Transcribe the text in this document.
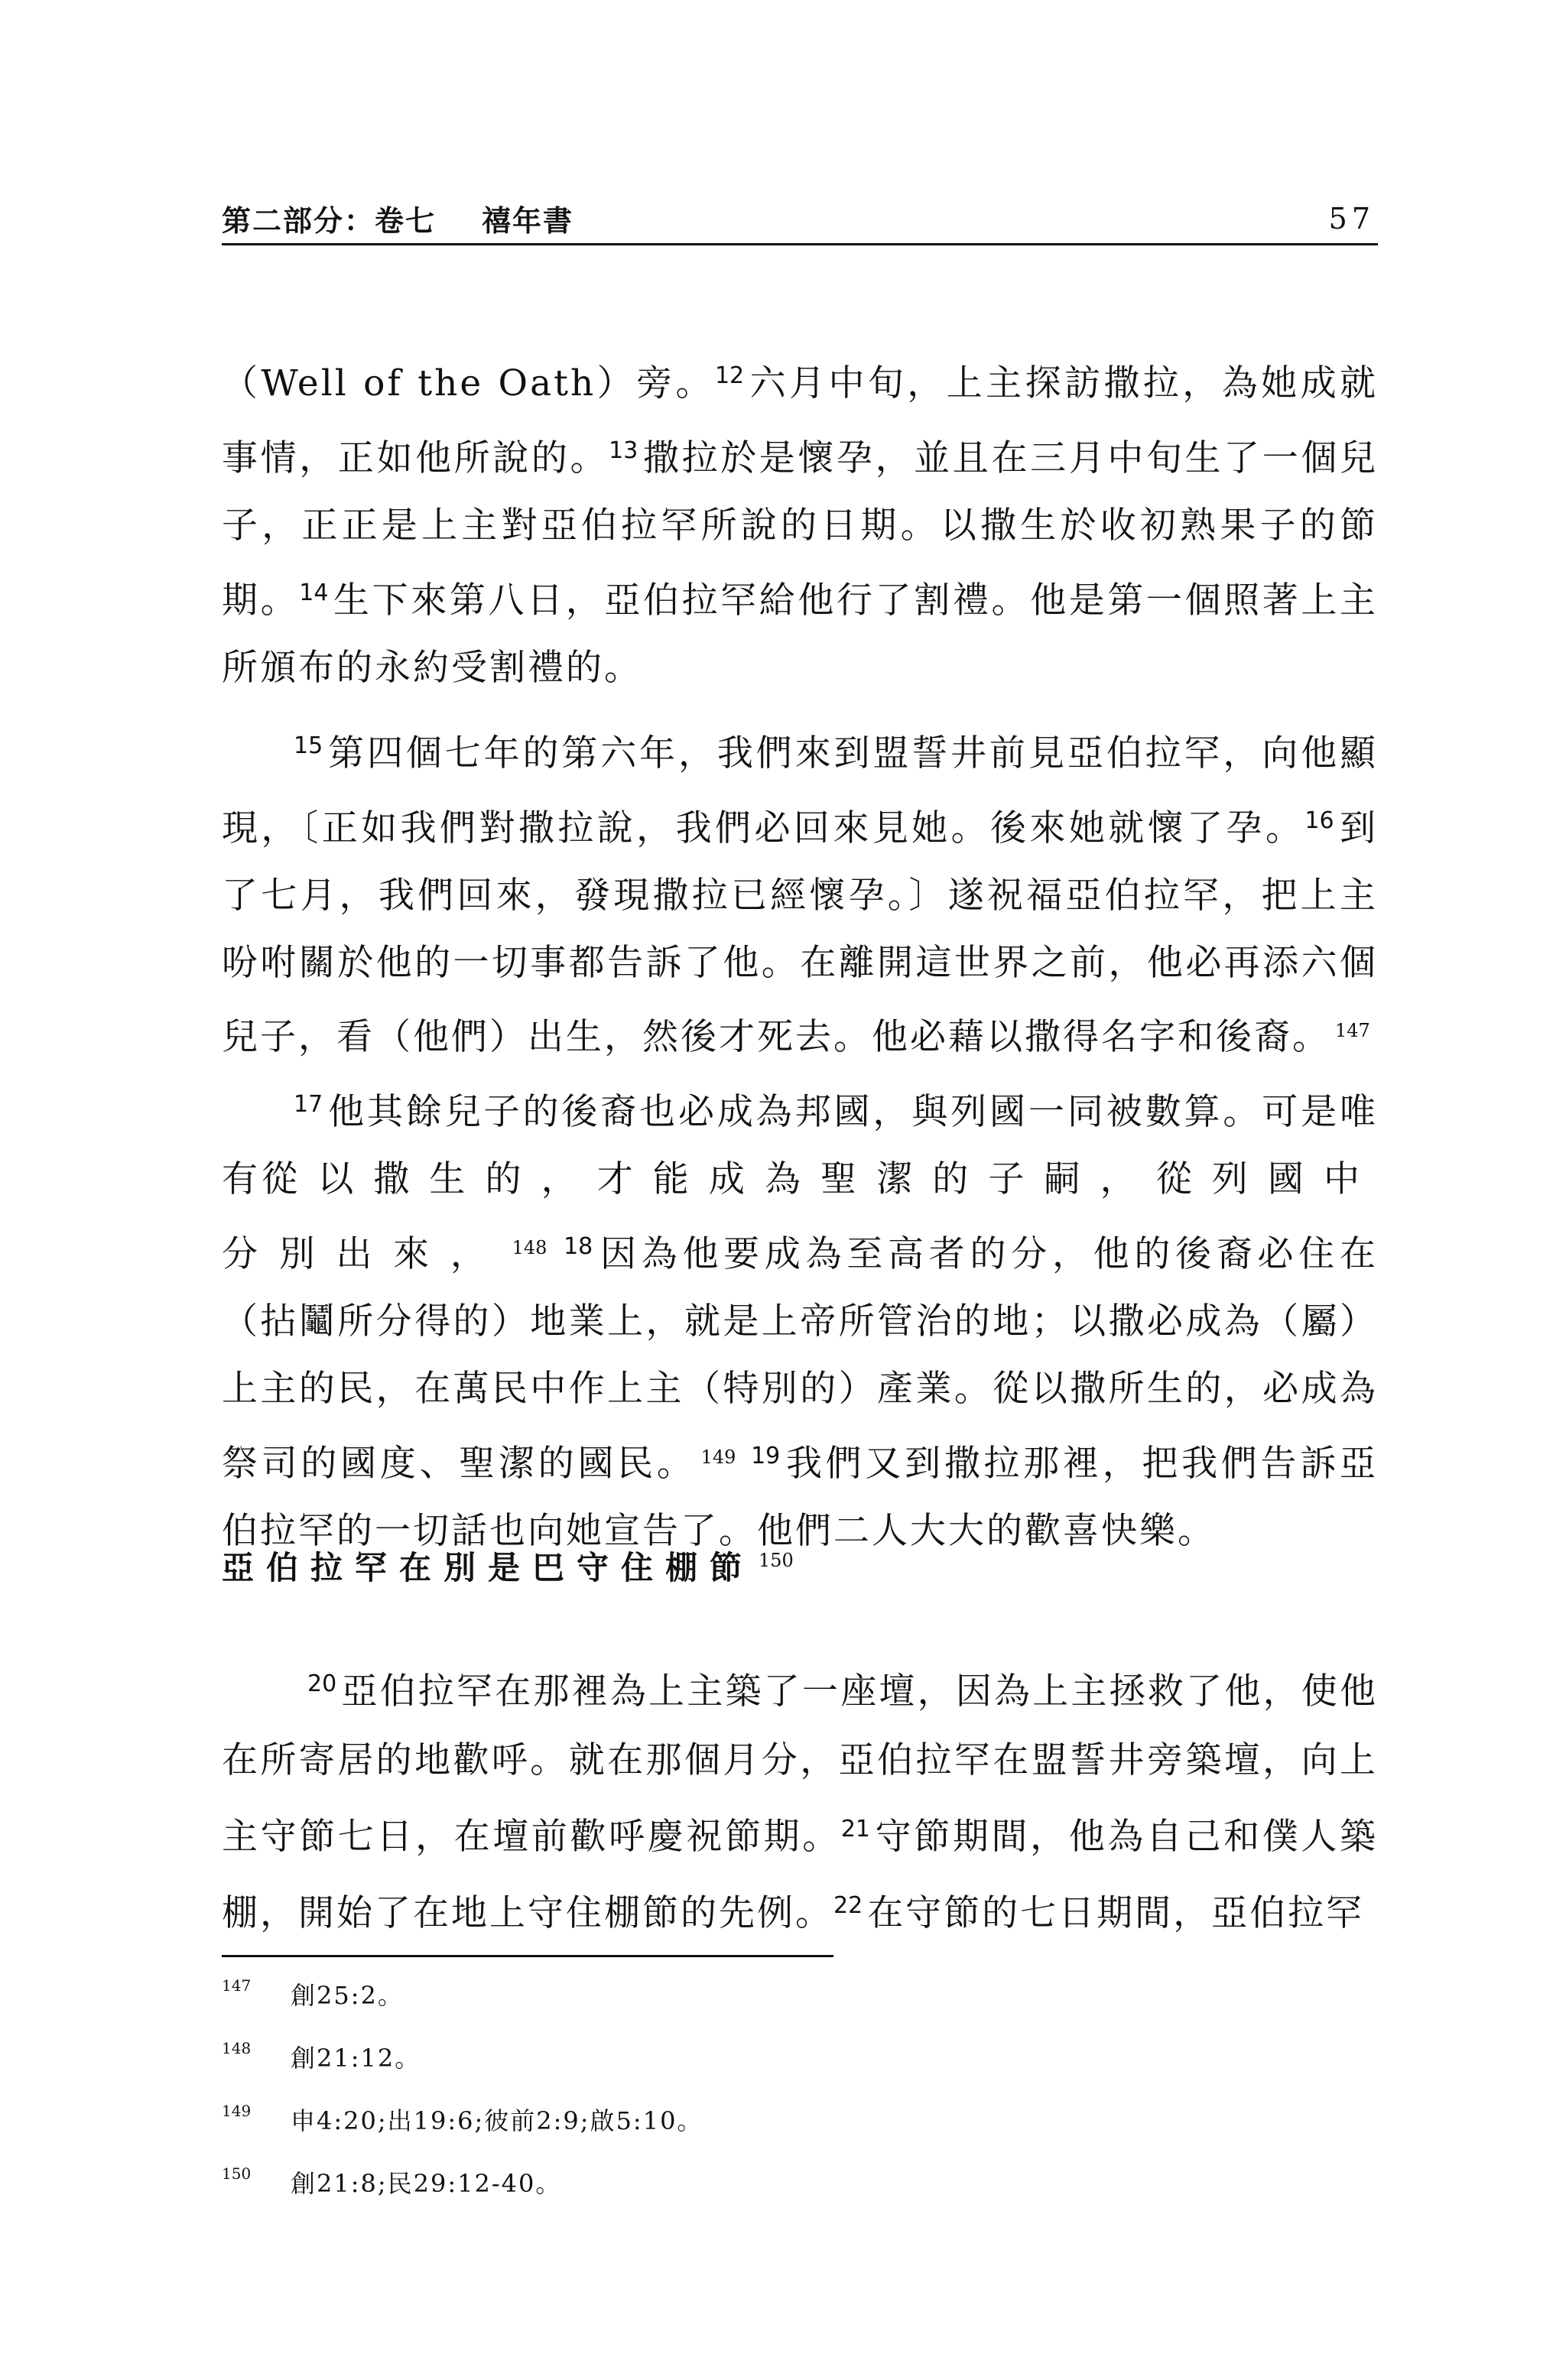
第二部分：卷七 禧年書	57

（Well of the Oath）旁。$^{12}$ 六月中旬，上主探訪撒拉，為她成就事情，正如他所說的。$^{13}$ 撒拉於是懷孕，並且在三月中旬生了一個兒子，正正是上主對亞伯拉罕所說的日期。以撒生於收初熟果子的節期。$^{14}$ 生下來第八日，亞伯拉罕給他行了割禮。他是第一個照著上主所頒布的永約受割禮的。

$^{15}$ 第四個七年的第六年，我們來到盟誓井前見亞伯拉罕，向他顯現，〔正如我們對撒拉說，我們必回來見她。後來她就懷了孕。$^{16}$ 到了七月，我們回來，發現撒拉已經懷孕。〕遂祝福亞伯拉罕，把上主吩咐關於他的一切事都告訴了他。在離開這世界之前，他必再添六個兒子，看（他們）出生，然後才死去。他必藉以撒得名字和後裔。 $^{147}$

$^{17}$ 他其餘兒子的後裔也必成為邦國，與列國一同被數算。可是唯有從以撒生的，才能成為聖潔的子嗣，從列國中分別出來， $^{148}$ $^{18}$ 因為他要成為至高者的分，他的後裔必住在（拈鬮所分得的）地業上，就是上帝所管治的地；以撒必成為（屬）上主的民，在萬民中作上主（特別的）產業。從以撒所生的，必成為祭司的國度、聖潔的國民。 $^{149}$ $^{19}$ 我們又到撒拉那裡，把我們告訴亞伯拉罕的一切話也向她宣告了。他們二人大大的歡喜快樂。

亞伯拉罕在別是巴守住棚節 $^{150}$

$^{20}$ 亞伯拉罕在那裡為上主築了一座壇，因為上主拯救了他，使他在所寄居的地歡呼。就在那個月分，亞伯拉罕在盟誓井旁築壇，向上主守節七日，在壇前歡呼慶祝節期。$^{21}$ 守節期間，他為自己和僕人築棚，開始了在地上守住棚節的先例。$^{22}$ 在守節的七日期間，亞伯拉罕

147 創25:2。
148 創21:12。
149 申4:20;出19:6;彼前2:9;啟5:10。
150 創21:8;民29:12-40。
